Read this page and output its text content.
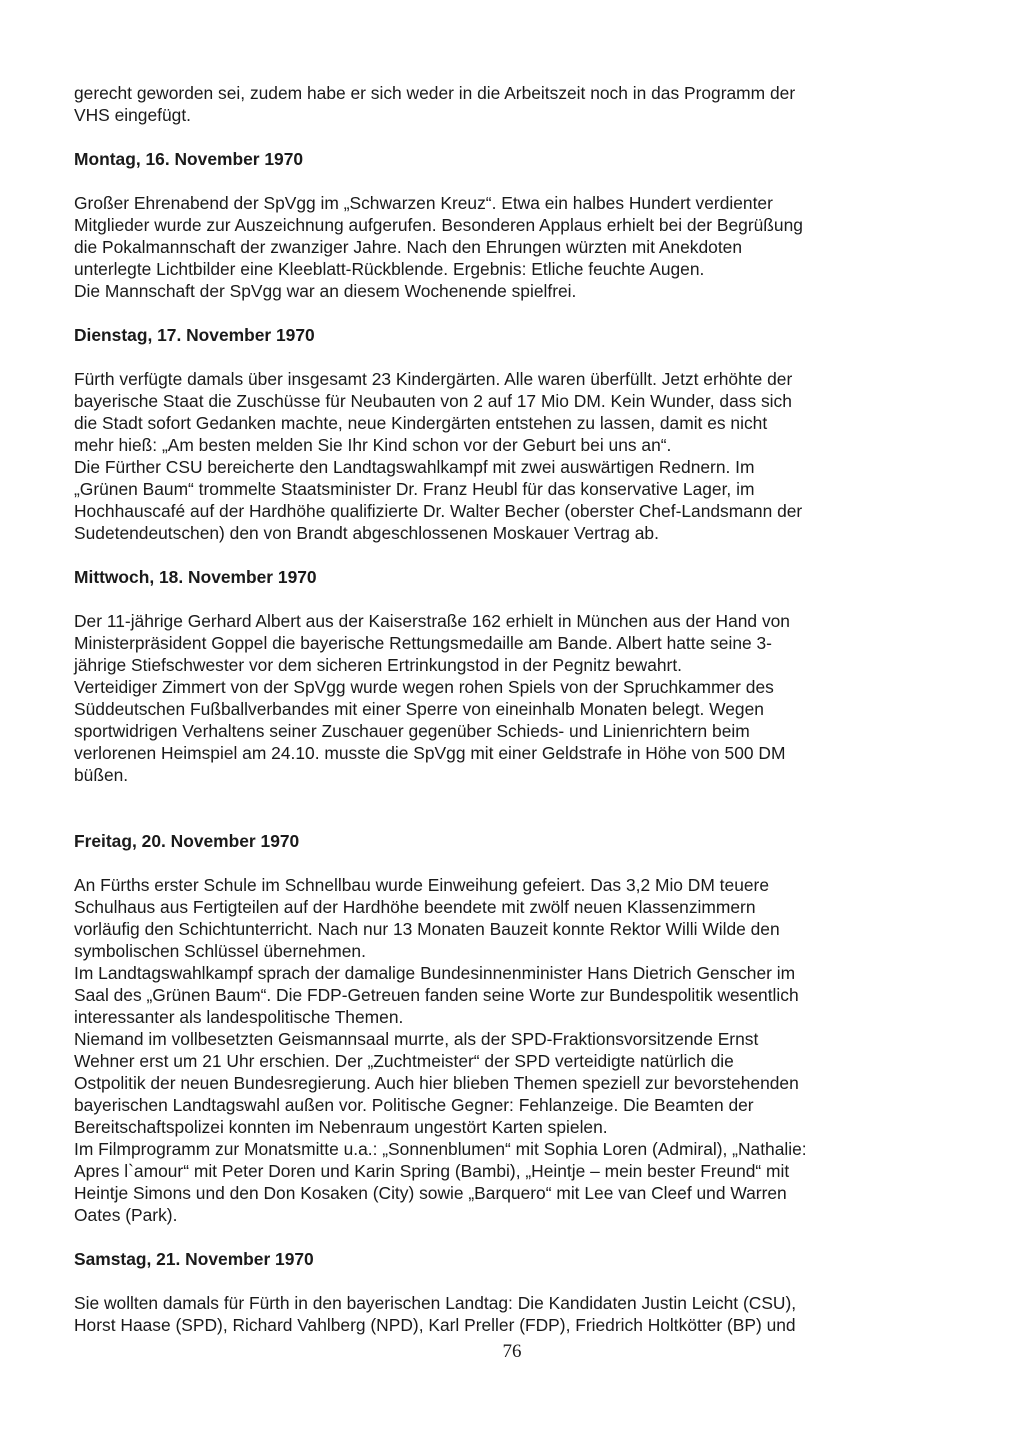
gerecht geworden sei, zudem habe er sich weder in die Arbeitszeit noch in das Programm der

VHS eingefügt.

Montag, 16. November 1970

Großer Ehrenabend der SpVgg im „Schwarzen Kreuz“. Etwa ein halbes Hundert verdienter

Mitglieder wurde zur Auszeichnung aufgerufen. Besonderen Applaus erhielt bei der Begrüßung

die Pokalmannschaft der zwanziger Jahre. Nach den Ehrungen würzten mit Anekdoten

unterlegte Lichtbilder eine Kleeblatt-Rückblende. Ergebnis: Etliche feuchte Augen.

Die Mannschaft der SpVgg war an diesem Wochenende spielfrei.

Dienstag, 17. November 1970

Fürth verfügte damals über insgesamt 23 Kindergärten. Alle waren überfüllt. Jetzt erhöhte der

bayerische Staat die Zuschüsse für Neubauten von 2 auf 17 Mio DM. Kein Wunder, dass sich

die Stadt sofort Gedanken machte, neue Kindergärten entstehen zu lassen, damit es nicht

mehr hieß: „Am besten melden Sie Ihr Kind schon vor der Geburt bei uns an“.

Die Fürther CSU bereicherte den Landtagswahlkampf mit zwei auswärtigen Rednern. Im

„Grünen Baum“ trommelte Staatsminister Dr. Franz Heubl für das konservative Lager, im

Hochhauscafé auf der Hardhöhe qualifizierte Dr. Walter Becher (oberster Chef-Landsmann der

Sudetendeutschen) den von Brandt abgeschlossenen Moskauer Vertrag ab.

Mittwoch, 18. November 1970

Der 11-jährige Gerhard Albert aus der Kaiserstraße 162 erhielt in München aus der Hand von

Ministerpräsident Goppel die bayerische Rettungsmedaille am Bande. Albert hatte seine 3-

jährige Stiefschwester vor dem sicheren Ertrinkungstod in der Pegnitz bewahrt.

Verteidiger Zimmert von der SpVgg wurde wegen rohen Spiels von der Spruchkammer des

Süddeutschen Fußballverbandes mit einer Sperre von eineinhalb Monaten belegt. Wegen

sportwidrigen Verhaltens seiner Zuschauer gegenüber Schieds- und Linienrichtern beim

verlorenen Heimspiel am 24.10. musste die SpVgg mit einer Geldstrafe in Höhe von 500 DM

büßen.

Freitag, 20. November 1970

An Fürths erster Schule im Schnellbau wurde Einweihung gefeiert. Das 3,2 Mio DM teuere

Schulhaus aus Fertigteilen auf der Hardhöhe beendete mit zwölf neuen Klassenzimmern

vorläufig den Schichtunterricht. Nach nur 13 Monaten Bauzeit konnte Rektor Willi Wilde den

symbolischen Schlüssel übernehmen.

Im Landtagswahlkampf sprach der damalige Bundesinnenminister Hans Dietrich Genscher im

Saal des „Grünen Baum“. Die FDP-Getreuen fanden seine Worte zur Bundespolitik wesentlich

interessanter als landespolitische Themen.

Niemand im vollbesetzten Geismannsaal murrte, als der SPD-Fraktionsvorsitzende Ernst

Wehner erst um 21 Uhr erschien. Der „Zuchtmeister“ der SPD verteidigte natürlich die

Ostpolitik der neuen Bundesregierung. Auch hier blieben Themen speziell zur bevorstehenden

bayerischen Landtagswahl außen vor. Politische Gegner: Fehlanzeige. Die Beamten der

Bereitschaftspolizei konnten im Nebenraum ungestört Karten spielen.

Im Filmprogramm zur Monatsmitte u.a.: „Sonnenblumen“ mit Sophia Loren (Admiral), „Nathalie:

Apres l`amour“ mit Peter Doren und Karin Spring (Bambi), „Heintje – mein bester Freund“ mit

Heintje Simons und den Don Kosaken (City) sowie „Barquero“ mit Lee van Cleef und Warren

Oates (Park).

Samstag, 21. November 1970

Sie wollten damals für Fürth in den bayerischen Landtag: Die Kandidaten Justin Leicht (CSU),

Horst Haase (SPD), Richard Vahlberg (NPD), Karl Preller (FDP), Friedrich Holtkötter (BP) und

76
